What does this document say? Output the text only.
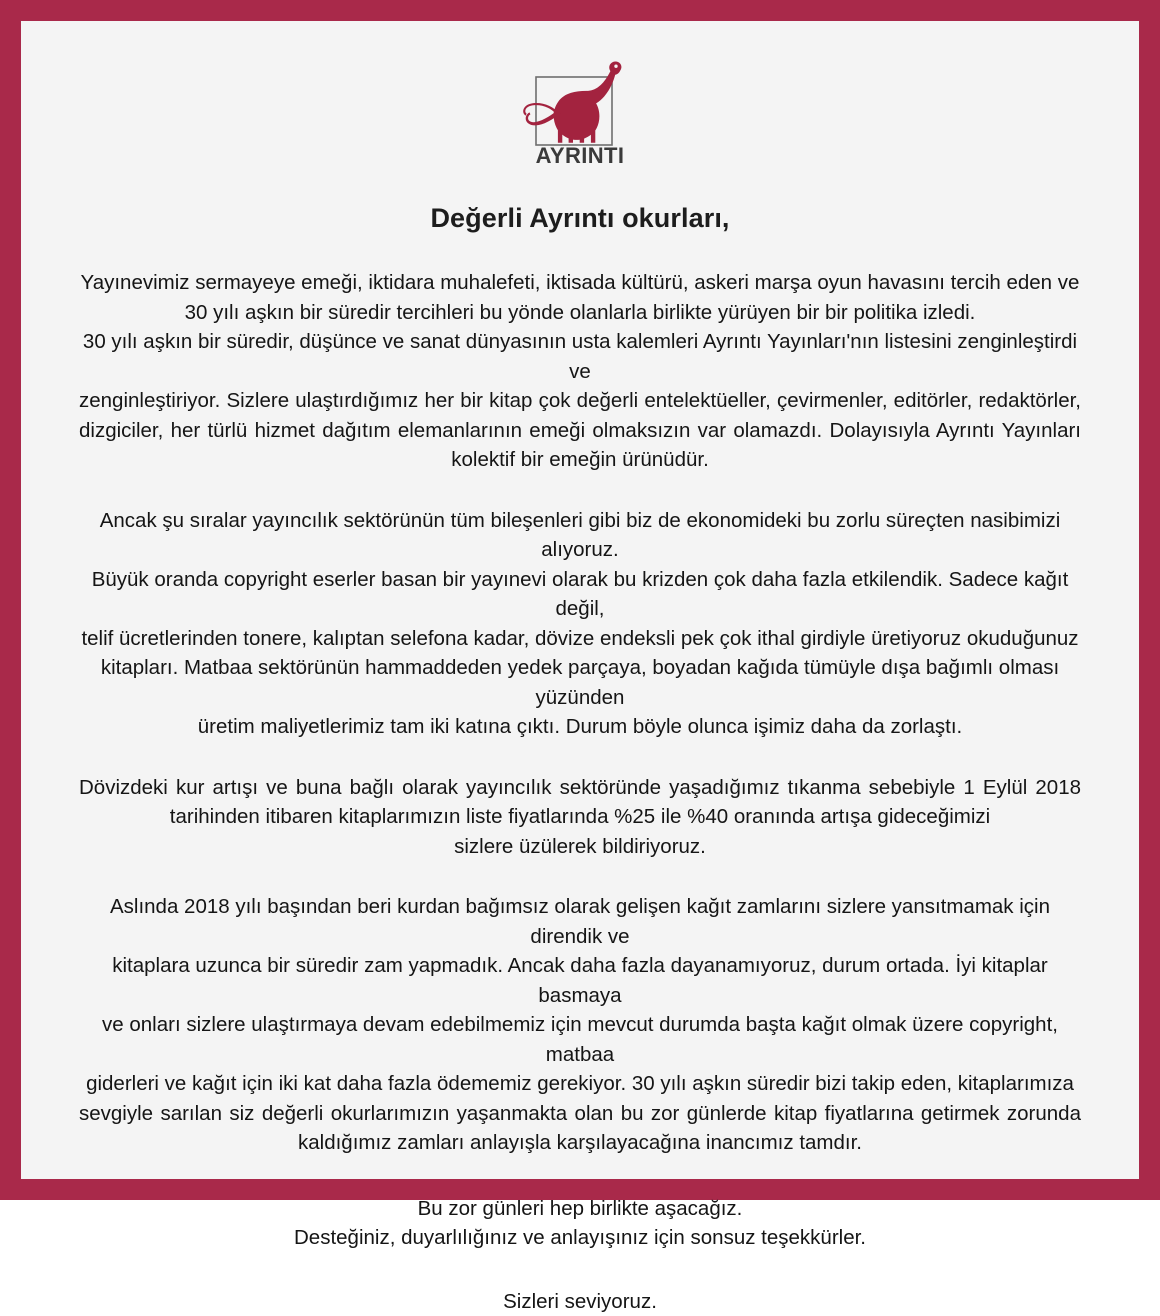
AYRINTI
Değerli Ayrıntı okurları,

Yayınevimiz sermayeye emeği, iktidara muhalefeti, iktisada kültürü, askeri marşa oyun havasını tercih eden ve
30 yılı aşkın bir süredir tercihleri bu yönde olanlarla birlikte yürüyen bir bir politika izledi.
30 yılı aşkın bir süredir, düşünce ve sanat dünyasının usta kalemleri Ayrıntı Yayınları'nın listesini zenginleştirdi ve
zenginleştiriyor. Sizlere ulaştırdığımız her bir kitap çok değerli entelektüeller, çevirmenler, editörler, redaktörler,
dizgiciler, her türlü hizmet dağıtım elemanlarının emeği olmaksızın var olamazdı. Dolayısıyla Ayrıntı Yayınları
kolektif bir emeğin ürünüdür.

Ancak şu sıralar yayıncılık sektörünün tüm bileşenleri gibi biz de ekonomideki bu zorlu süreçten nasibimizi alıyoruz.
Büyük oranda copyright eserler basan bir yayınevi olarak bu krizden çok daha fazla etkilendik. Sadece kağıt değil,
telif ücretlerinden tonere, kalıptan selefona kadar, dövize endeksli pek çok ithal girdiyle üretiyoruz okuduğunuz
kitapları. Matbaa sektörünün hammaddeden yedek parçaya, boyadan kağıda tümüyle dışa bağımlı olması yüzünden
üretim maliyetlerimiz tam iki katına çıktı. Durum böyle olunca işimiz daha da zorlaştı.

Dövizdeki kur artışı ve buna bağlı olarak yayıncılık sektöründe yaşadığımız tıkanma sebebiyle 1 Eylül 2018
tarihinden itibaren kitaplarımızın liste fiyatlarında %25 ile %40 oranında artışa gideceğimizi
sizlere üzülerek bildiriyoruz.

Aslında 2018 yılı başından beri kurdan bağımsız olarak gelişen kağıt zamlarını sizlere yansıtmamak için direndik ve
kitaplara uzunca bir süredir zam yapmadık. Ancak daha fazla dayanamıyoruz, durum ortada. İyi kitaplar basmaya
ve onları sizlere ulaştırmaya devam edebilmemiz için mevcut durumda başta kağıt olmak üzere copyright, matbaa
giderleri ve kağıt için iki kat daha fazla ödememiz gerekiyor. 30 yılı aşkın süredir bizi takip eden, kitaplarımıza
sevgiyle sarılan siz değerli okurlarımızın yaşanmakta olan bu zor günlerde kitap fiyatlarına getirmek zorunda
kaldığımız zamları anlayışla karşılayacağına inancımız tamdır.

Bu zor günleri hep birlikte aşacağız.
Desteğiniz, duyarlılığınız ve anlayışınız için sonsuz teşekkürler.

Sizleri seviyoruz.
